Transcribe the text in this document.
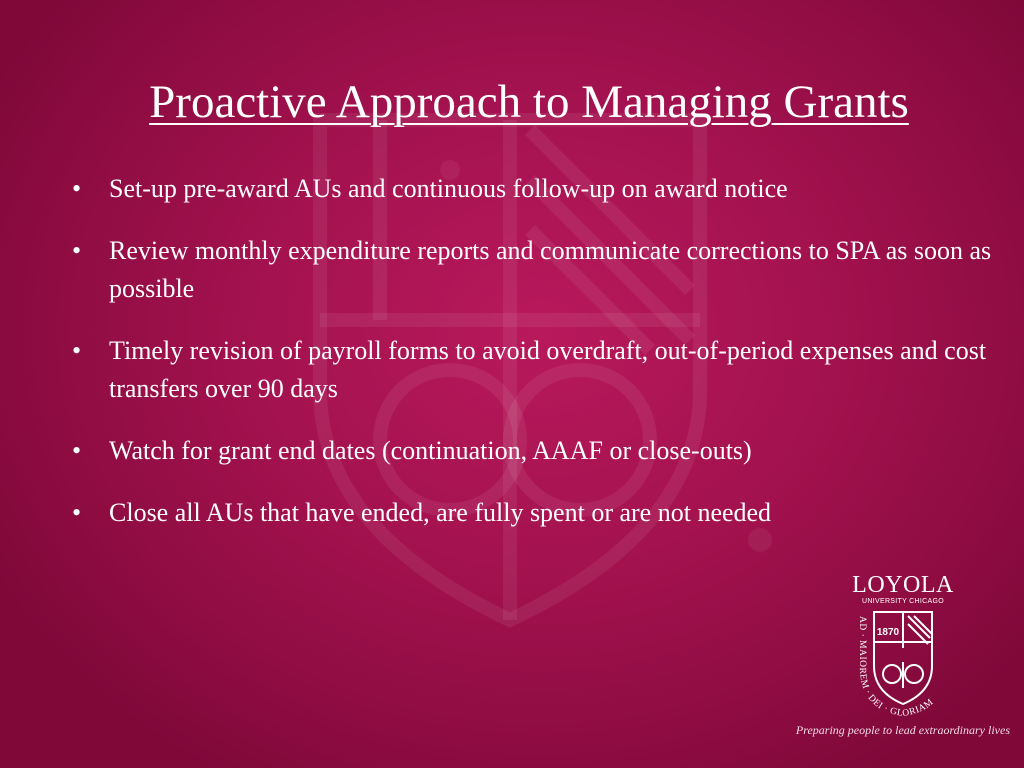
Proactive Approach to Managing Grants
• Set-up pre-award AUs and continuous follow-up on award notice
• Review monthly expenditure reports and communicate corrections to SPA as soon as possible
• Timely revision of payroll forms to avoid overdraft, out-of-period expenses and cost transfers over 90 days
• Watch for grant end dates (continuation, AAAF or close-outs)
• Close all AUs that have ended, are fully spent or are not needed
LOYOLA
UNIVERSITY CHICAGO
1870
AD · MAIOREM · DEI · GLORIAM
Preparing people to lead extraordinary lives
